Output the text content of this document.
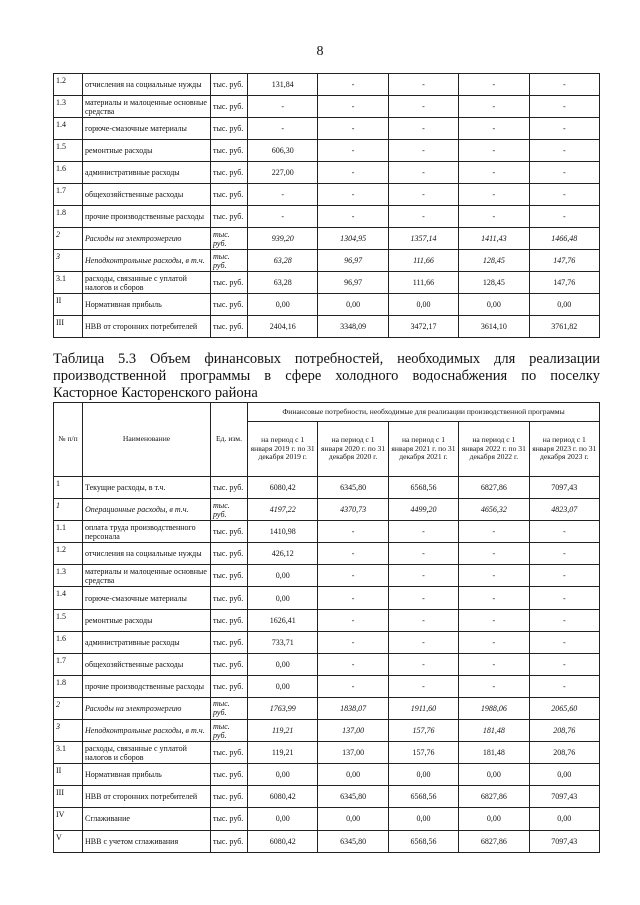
8
1.2	отчисления на социальные нужды	тыс. руб.	131,84	-	-	-	-
1.3	материалы и малоценные основные средства	тыс. руб.	-	-	-	-	-
1.4	горюче-смазочные материалы	тыс. руб.	-	-	-	-	-
1.5	ремонтные расходы	тыс. руб.	606,30	-	-	-	-
1.6	административные расходы	тыс. руб.	227,00	-	-	-	-
1.7	общехозяйственные расходы	тыс. руб.	-	-	-	-	-
1.8	прочие производственные расходы	тыс. руб.	-	-	-	-	-
2	Расходы на электроэнергию	тыс. руб.	939,20	1304,95	1357,14	1411,43	1466,48
3	Неподконтрольные расходы, в т.ч.	тыс. руб.	63,28	96,97	111,66	128,45	147,76
3.1	расходы, связанные с уплатой налогов и сборов	тыс. руб.	63,28	96,97	111,66	128,45	147,76
II	Нормативная прибыль	тыс. руб.	0,00	0,00	0,00	0,00	0,00
III	НВВ от сторонних потребителей	тыс. руб.	2404,16	3348,09	3472,17	3614,10	3761,82
Таблица 5.3 Объем финансовых потребностей, необходимых для реализации
производственной программы в сфере холодного водоснабжения по поселку
Касторное Касторенского района
№ п/п	Наименование	Ед. изм.	Финансовые потребности, необходимые для реализации производственной программы				
			на период с 1 января 2019 г. по 31 декабря 2019 г.	на период с 1 января 2020 г. по 31 декабря 2020 г.	на период с 1 января 2021 г. по 31 декабря 2021 г.	на период с 1 января 2022 г. по 31 декабря 2022 г.	на период с 1 января 2023 г. по 31 декабря 2023 г.
1	Текущие расходы, в т.ч.	тыс. руб.	6080,42	6345,80	6568,56	6827,86	7097,43
1	Операционные расходы, в т.ч.	тыс. руб.	4197,22	4370,73	4499,20	4656,32	4823,07
1.1	оплата труда производственного персонала	тыс. руб.	1410,98	-	-	-	-
1.2	отчисления на социальные нужды	тыс. руб.	426,12	-	-	-	-
1.3	материалы и малоценные основные средства	тыс. руб.	0,00	-	-	-	-
1.4	горюче-смазочные материалы	тыс. руб.	0,00	-	-	-	-
1.5	ремонтные расходы	тыс. руб.	1626,41	-	-	-	-
1.6	административные расходы	тыс. руб.	733,71	-	-	-	-
1.7	общехозяйственные расходы	тыс. руб.	0,00	-	-	-	-
1.8	прочие производственные расходы	тыс. руб.	0,00	-	-	-	-
2	Расходы на электроэнергию	тыс. руб.	1763,99	1838,07	1911,60	1988,06	2065,60
3	Неподконтрольные расходы, в т.ч.	тыс. руб.	119,21	137,00	157,76	181,48	208,76
3.1	расходы, связанные с уплатой налогов и сборов	тыс. руб.	119,21	137,00	157,76	181,48	208,76
II	Нормативная прибыль	тыс. руб.	0,00	0,00	0,00	0,00	0,00
III	НВВ от сторонних потребителей	тыс. руб.	6080,42	6345,80	6568,56	6827,86	7097,43
IV	Сглаживание	тыс. руб.	0,00	0,00	0,00	0,00	0,00
V	НВВ с учетом сглаживания	тыс. руб.	6080,42	6345,80	6568,56	6827,86	7097,43
